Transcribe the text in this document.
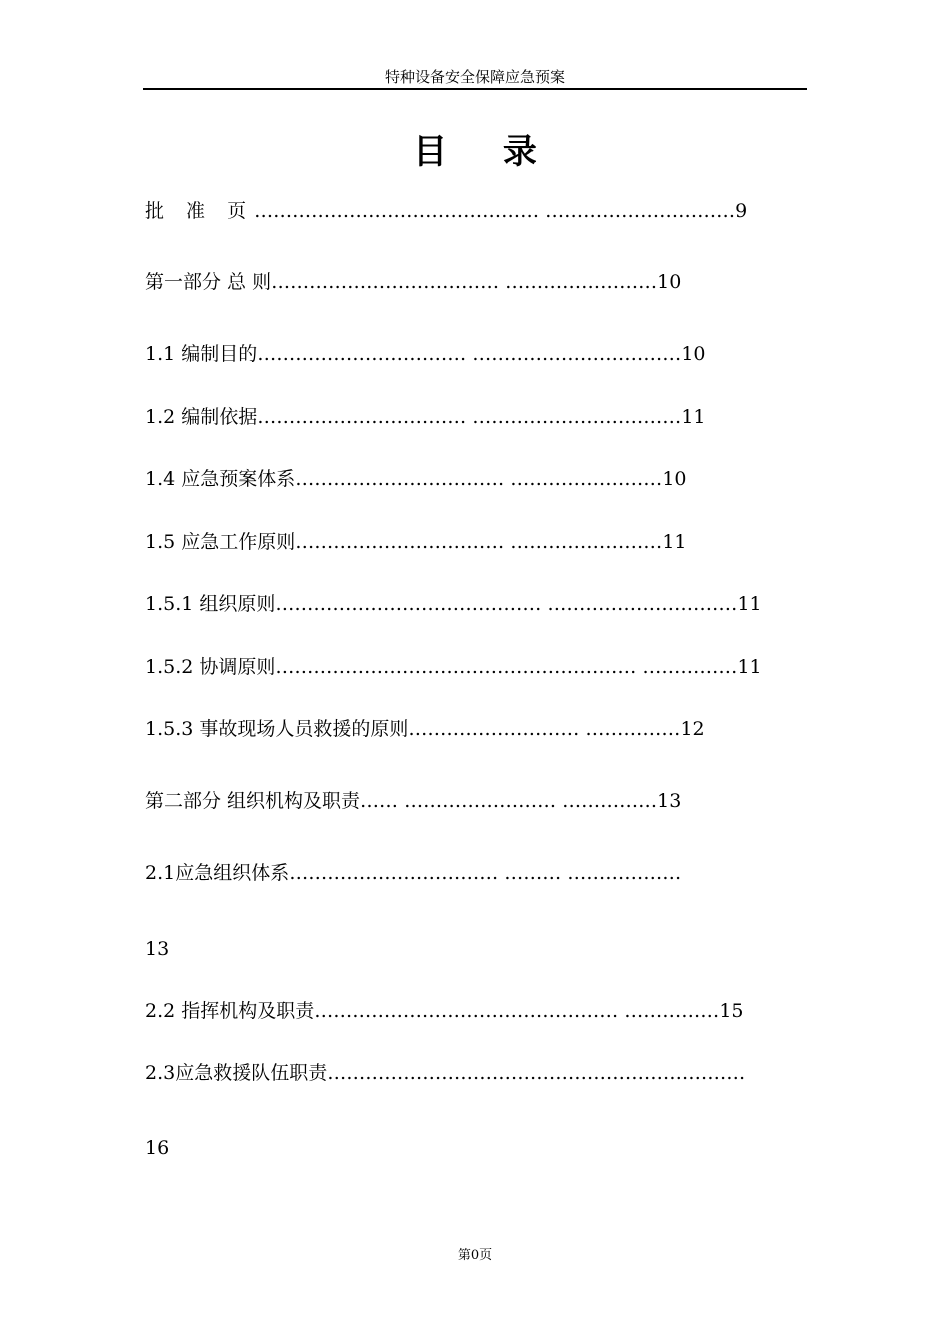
特种设备安全保障应急预案
目 录
批 准 页……………………………………… …………………………9
第一部分 总 则……………………………… ……………………10
1.1 编制目的…………………………… ……………………………10
1.2 编制依据…………………………… ……………………………11
1.4 应急预案体系…………………………… ……………………10
1.5 应急工作原则…………………………… ……………………11
1.5.1 组织原则…………………………………… …………………………11
1.5.2 协调原则………………………………………………… ……………11
1.5.3 事故现场人员救援的原则……………………… ……………12
第二部分 组织机构及职责…… …………………… ……………13
2.1应急组织体系…………………………… ……… ………………
13
2.2 指挥机构及职责………………………………………… ……………15
2.3应急救援队伍职责…………………………………………………………
16
第0页
